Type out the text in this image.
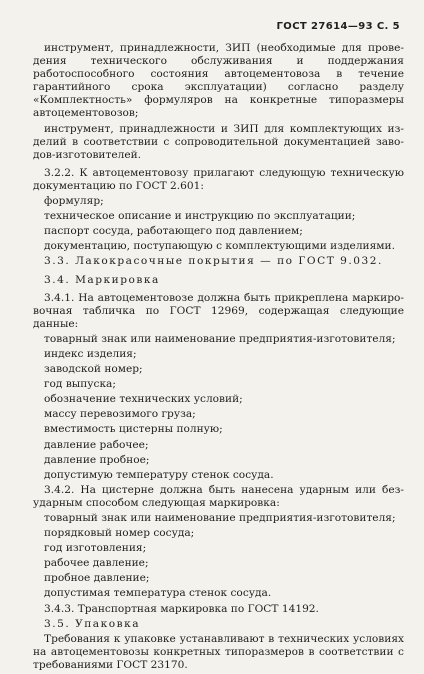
ГОСТ 27614—93 С. 5

инструмент, принадлежности, ЗИП (необходимые для проведения технического обслуживания и поддержания работоспособного состояния автоцементовоза в течение гарантийного срока эксплуатации) согласно разделу «Комплектность» формуляров на конкретные типоразмеры автоцементовозов;

инструмент, принадлежности и ЗИП для комплектующих изделий в соответствии с сопроводительной документацией заводов-изготовителей.

3.2.2. К автоцементовозу прилагают следующую техническую документацию по ГОСТ 2.601:

формуляр;

техническое описание и инструкцию по эксплуатации;

паспорт сосуда, работающего под давлением;

документацию, поступающую с комплектующими изделиями.

3.3. Лакокрасочные покрытия — по ГОСТ 9.032.

3.4. Маркировка

3.4.1. На автоцементовозе должна быть прикреплена маркировочная табличка по ГОСТ 12969, содержащая следующие данные:

товарный знак или наименование предприятия-изготовителя;

индекс изделия;

заводской номер;

год выпуска;

обозначение технических условий;

массу перевозимого груза;

вместимость цистерны полную;

давление рабочее;

давление пробное;

допустимую температуру стенок сосуда.

3.4.2. На цистерне должна быть нанесена ударным или безударным способом следующая маркировка:

товарный знак или наименование предприятия-изготовителя;

порядковый номер сосуда;

год изготовления;

рабочее давление;

пробное давление;

допустимая температура стенок сосуда.

3.4.3. Транспортная маркировка по ГОСТ 14192.

3.5. Упаковка

Требования к упаковке устанавливают в технических условиях на автоцементовозы конкретных типоразмеров в соответствии с требованиями ГОСТ 23170.
